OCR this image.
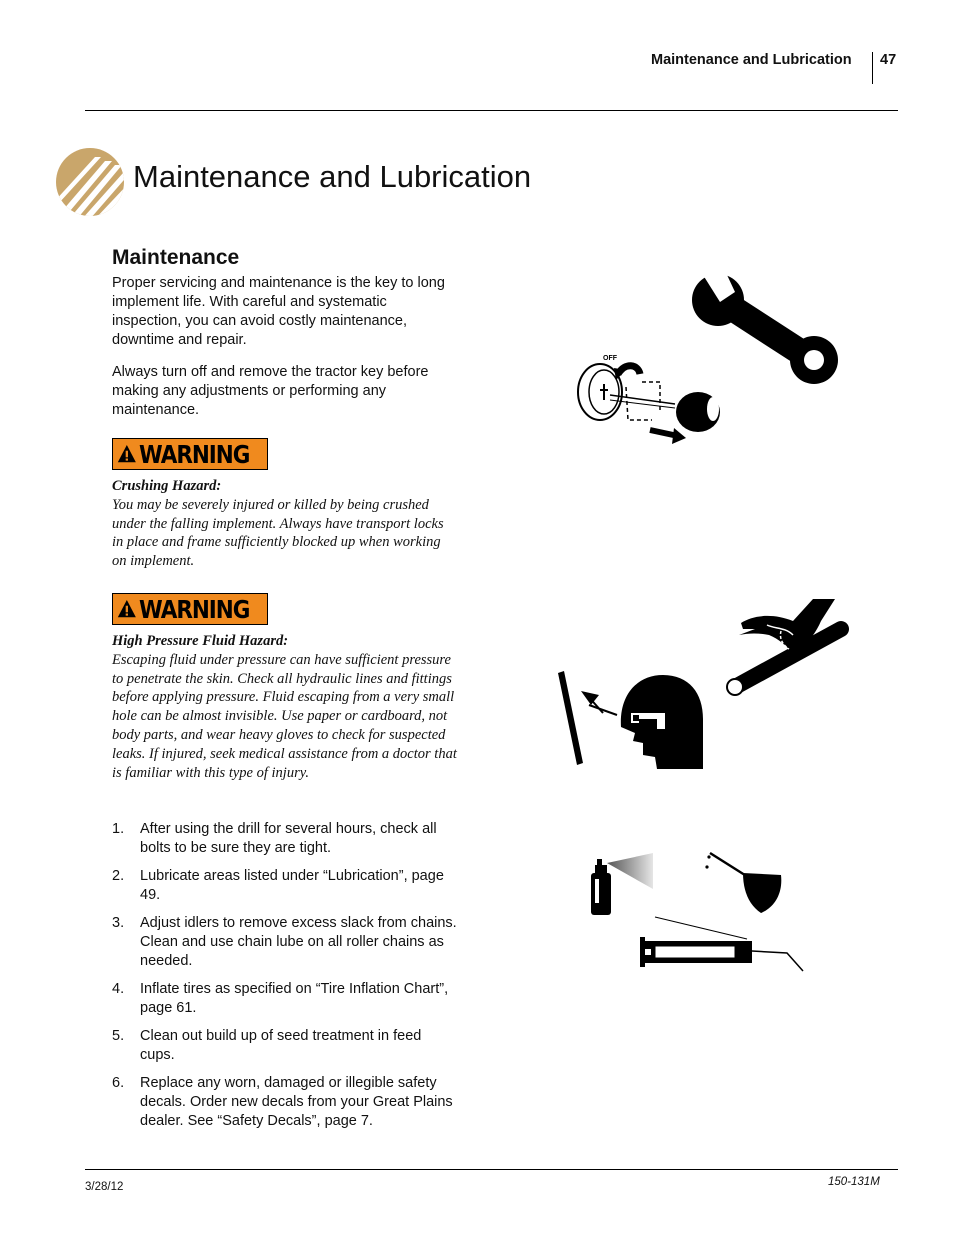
Maintenance and Lubrication 47
Maintenance and Lubrication
Maintenance
Proper servicing and maintenance is the key to long implement life. With careful and systematic inspection, you can avoid costly maintenance, downtime and repair.
Always turn off and remove the tractor key before making any adjustments or performing any maintenance.
WARNING
Crushing Hazard:
You may be severely injured or killed by being crushed under the falling implement. Always have transport locks in place and frame sufficiently blocked up when working on implement.
WARNING
High Pressure Fluid Hazard:
Escaping fluid under pressure can have sufficient pressure to penetrate the skin. Check all hydraulic lines and fittings before applying pressure. Fluid escaping from a very small hole can be almost invisible. Use paper or cardboard, not body parts, and wear heavy gloves to check for suspected leaks. If injured, seek medical assistance from a doctor that is familiar with this type of injury.
1. After using the drill for several hours, check all bolts to be sure they are tight.
2. Lubricate areas listed under “Lubrication”, page 49.
3. Adjust idlers to remove excess slack from chains. Clean and use chain lube on all roller chains as needed.
4. Inflate tires as specified on “Tire Inflation Chart”, page 61.
5. Clean out build up of seed treatment in feed cups.
6. Replace any worn, damaged or illegible safety decals. Order new decals from your Great Plains dealer. See “Safety Decals”, page 7.
OFF
3/28/12	150-131M
